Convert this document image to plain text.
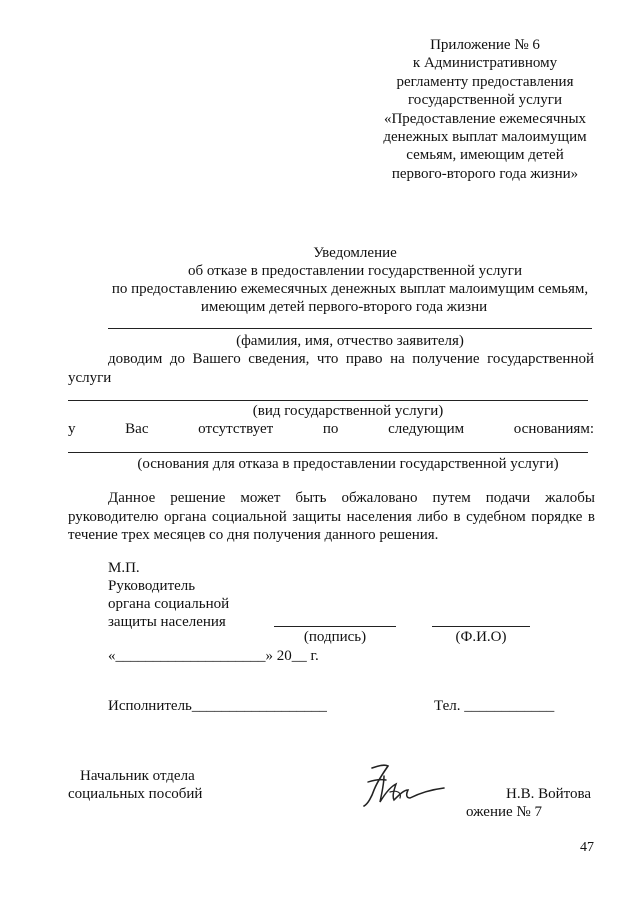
Приложение № 6
к Административному
регламенту предоставления
государственной услуги
«Предоставление ежемесячных
денежных выплат малоимущим
семьям, имеющим детей
первого-второго года жизни»
Уведомление
об отказе в предоставлении государственной услуги
по предоставлению ежемесячных денежных выплат малоимущим семьям,
имеющим детей первого-второго года жизни
(фамилия, имя, отчество заявителя)
доводим до Вашего сведения, что право на получение государственной
услуги
(вид государственной услуги)
у	Вас	отсутствует	по	следующим	основаниям:
(основания для отказа в предоставлении государственной услуги)
Данное решение может быть обжаловано путем подачи жалобы руководителю органа социальной защиты населения либо в судебном порядке в течение трех месяцев со дня получения данного решения.
М.П.
Руководитель
органа социальной
защиты населения
(подпись)	(Ф.И.О)
«____________________» 20__ г.
Исполнитель__________________	Тел. ____________
Начальник отдела
социальных пособий	Н.В. Войтова
ожение № 7
47
